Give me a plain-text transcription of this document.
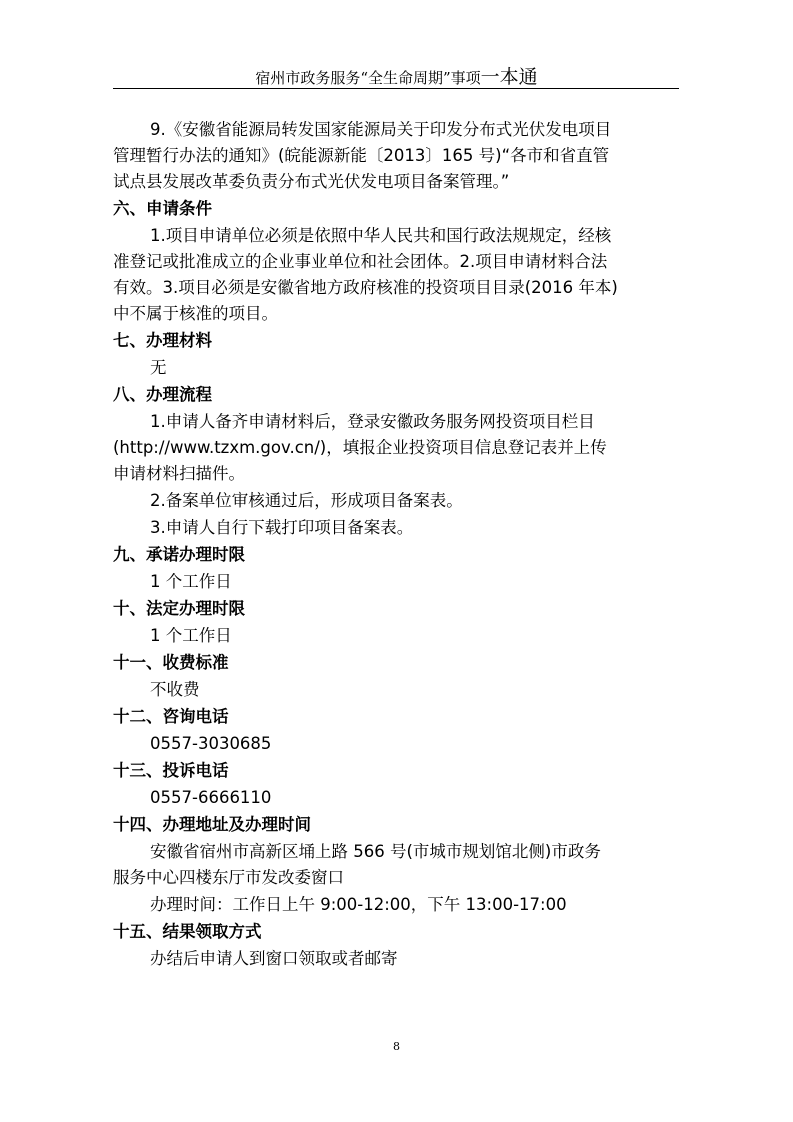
宿州市政务服务“全生命周期”事项一本通
9.《安徽省能源局转发国家能源局关于印发分布式光伏发电项目
管理暂行办法的通知》(皖能源新能〔2013〕165 号)“各市和省直管
试点县发展改革委负责分布式光伏发电项目备案管理。”
六、申请条件
1.项目申请单位必须是依照中华人民共和国行政法规规定，经核
准登记或批准成立的企业事业单位和社会团体。2.项目申请材料合法
有效。3.项目必须是安徽省地方政府核准的投资项目目录(2016 年本)
中不属于核准的项目。
七、办理材料
无
八、办理流程
1.申请人备齐申请材料后，登录安徽政务服务网投资项目栏目
(http://www.tzxm.gov.cn/)，填报企业投资项目信息登记表并上传
申请材料扫描件。
2.备案单位审核通过后，形成项目备案表。
3.申请人自行下载打印项目备案表。
九、承诺办理时限
1 个工作日
十、法定办理时限
1 个工作日
十一、收费标准
不收费
十二、咨询电话
0557-3030685
十三、投诉电话
0557-6666110
十四、办理地址及办理时间
安徽省宿州市高新区埇上路 566 号(市城市规划馆北侧)市政务
服务中心四楼东厅市发改委窗口
办理时间：工作日上午 9:00-12:00，下午 13:00-17:00
十五、结果领取方式
办结后申请人到窗口领取或者邮寄
8
